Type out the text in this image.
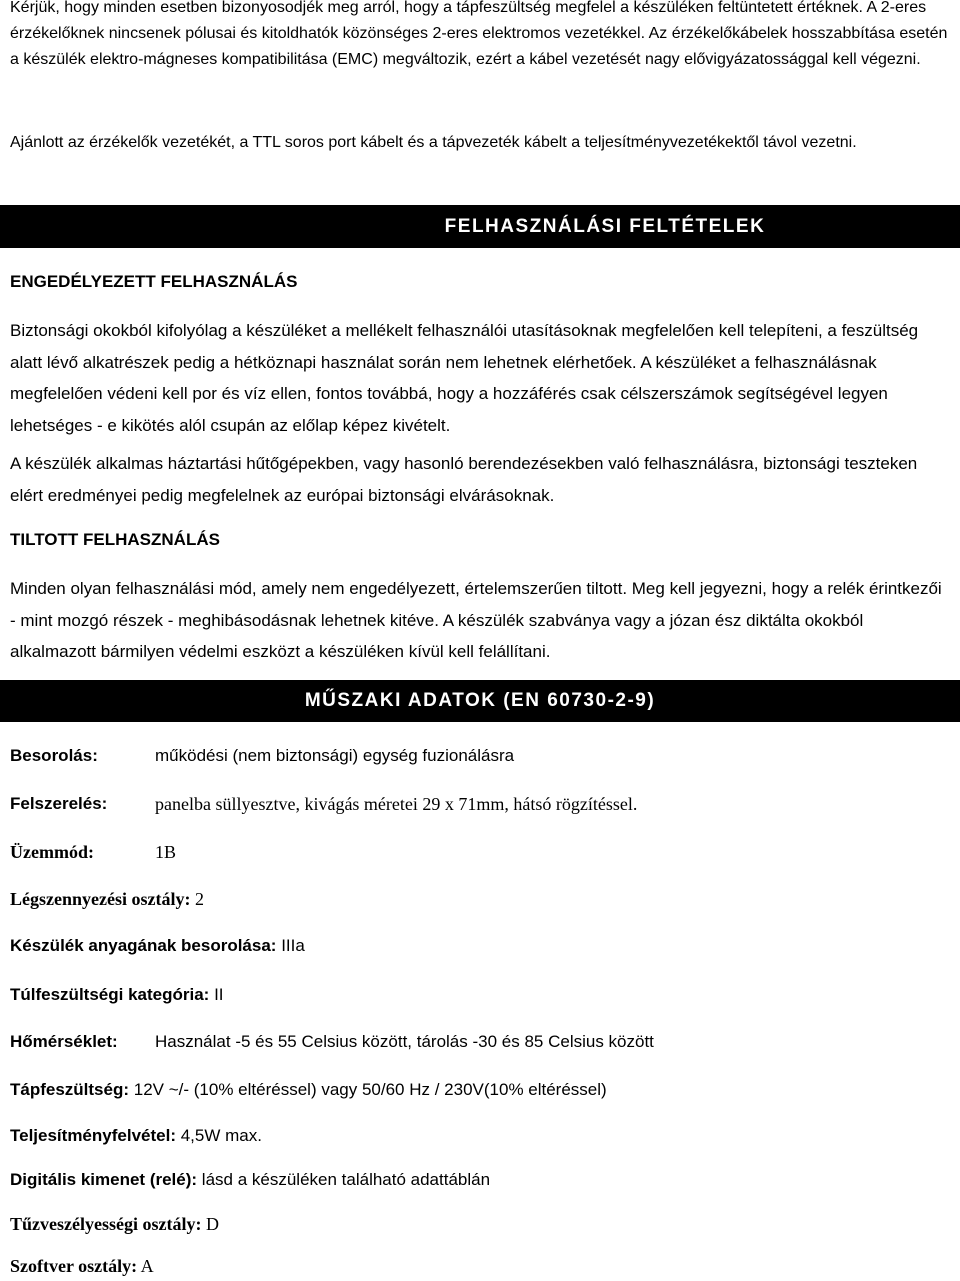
Kérjük, hogy minden esetben bizonyosodjék meg arról, hogy a tápfeszültség megfelel a készüléken feltüntetett értéknek. A 2-eres érzékelőknek nincsenek pólusai és kitoldhatók közönséges 2-eres elektromos vezetékkel. Az érzékelőkábelek hosszabbítása esetén a készülék elektro-mágneses kompatibilitása (EMC) megváltozik, ezért a kábel vezetését nagy elővigyázatossággal kell végezni.

Ajánlott az érzékelők vezetékét, a TTL soros port kábelt és a tápvezeték kábelt a teljesítményvezetékektől távol vezetni.

FELHASZNÁLÁSI FELTÉTELEK

ENGEDÉLYEZETT FELHASZNÁLÁS

Biztonsági okokból kifolyólag a készüléket a mellékelt felhasználói utasításoknak megfelelően kell telepíteni, a feszültség alatt lévő alkatrészek pedig a hétköznapi használat során nem lehetnek elérhetőek. A készüléket a felhasználásnak megfelelően védeni kell por és víz ellen, fontos továbbá, hogy a hozzáférés csak célszerszámok segítségével legyen lehetséges - e kikötés alól csupán az előlap képez kivételt.

A készülék alkalmas háztartási hűtőgépekben, vagy hasonló berendezésekben való felhasználásra, biztonsági teszteken elért eredményei pedig megfelelnek az európai biztonsági elvárásoknak.

TILTOTT FELHASZNÁLÁS

Minden olyan felhasználási mód, amely nem engedélyezett, értelemszerűen tiltott. Meg kell jegyezni, hogy a relék érintkezői - mint mozgó részek - meghibásodásnak lehetnek kitéve. A készülék szabványa vagy a józan ész diktálta okokból alkalmazott bármilyen védelmi eszközt a készüléken kívül kell felállítani.

MŰSZAKI ADATOK (EN 60730-2-9)
Besorolás:	működési (nem biztonsági) egység fuzionálásra
Felszerelés:	panelba süllyesztve, kivágás méretei 29 x 71mm, hátsó rögzítéssel.
Üzemmód:	1B
Légszennyezési osztály: 2
Készülék anyagának besorolása: IIIa
Túlfeszültségi kategória: II
Hőmérséklet: Használat -5 és 55 Celsius között, tárolás -30 és 85 Celsius között
Tápfeszültség: 12V ~/- (10% eltéréssel) vagy 50/60 Hz / 230V(10% eltéréssel)
Teljesítményfelvétel: 4,5W max.
Digitális kimenet (relé): lásd a készüléken található adattáblán
Tűzveszélyességi osztály: D
Szoftver osztály: A
